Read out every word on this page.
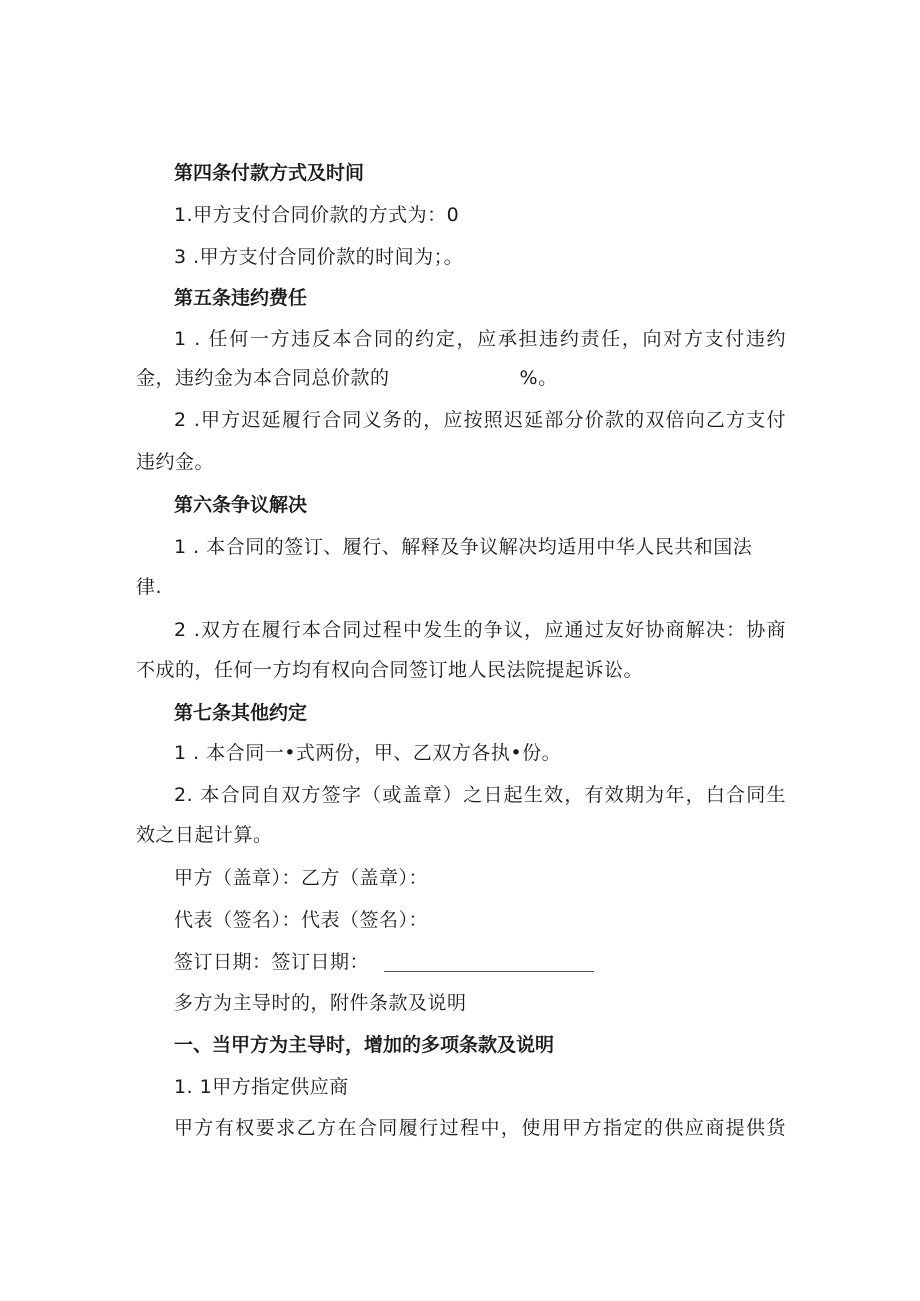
第四条付款方式及时间
1.甲方支付合同价款的方式为：0
3 .甲方支付合同价款的时间为；。
第五条违约费任
1 . 任何一方违反本合同的约定，应承担违约责任，向对方支付违约
金，违约金为本合同总价款的	%。
2 .甲方迟延履行合同义务的，应按照迟延部分价款的双倍向乙方支付
违约金。
第六条争议解决
1 . 本合同的签订、履行、解释及争议解决均适用中华人民共和国法
律.
2 .双方在履行本合同过程中发生的争议，应通过友好协商解决：协商
不成的，任何一方均有权向合同签订地人民法院提起诉讼。
第七条其他约定
1 . 本合同一•式两份，甲、乙双方各执•份。
2. 本合同自双方签字（或盖章）之日起生效，有效期为年，白合同生
效之日起计算。
甲方（盖章）：乙方（盖章）：
代表（签名）：代表（签名）：
签订日期：签订日期：
多方为主导时的，附件条款及说明
一、当甲方为主导时，增加的多项条款及说明
1. 1甲方指定供应商
甲方有权要求乙方在合同履行过程中，使用甲方指定的供应商提供货
